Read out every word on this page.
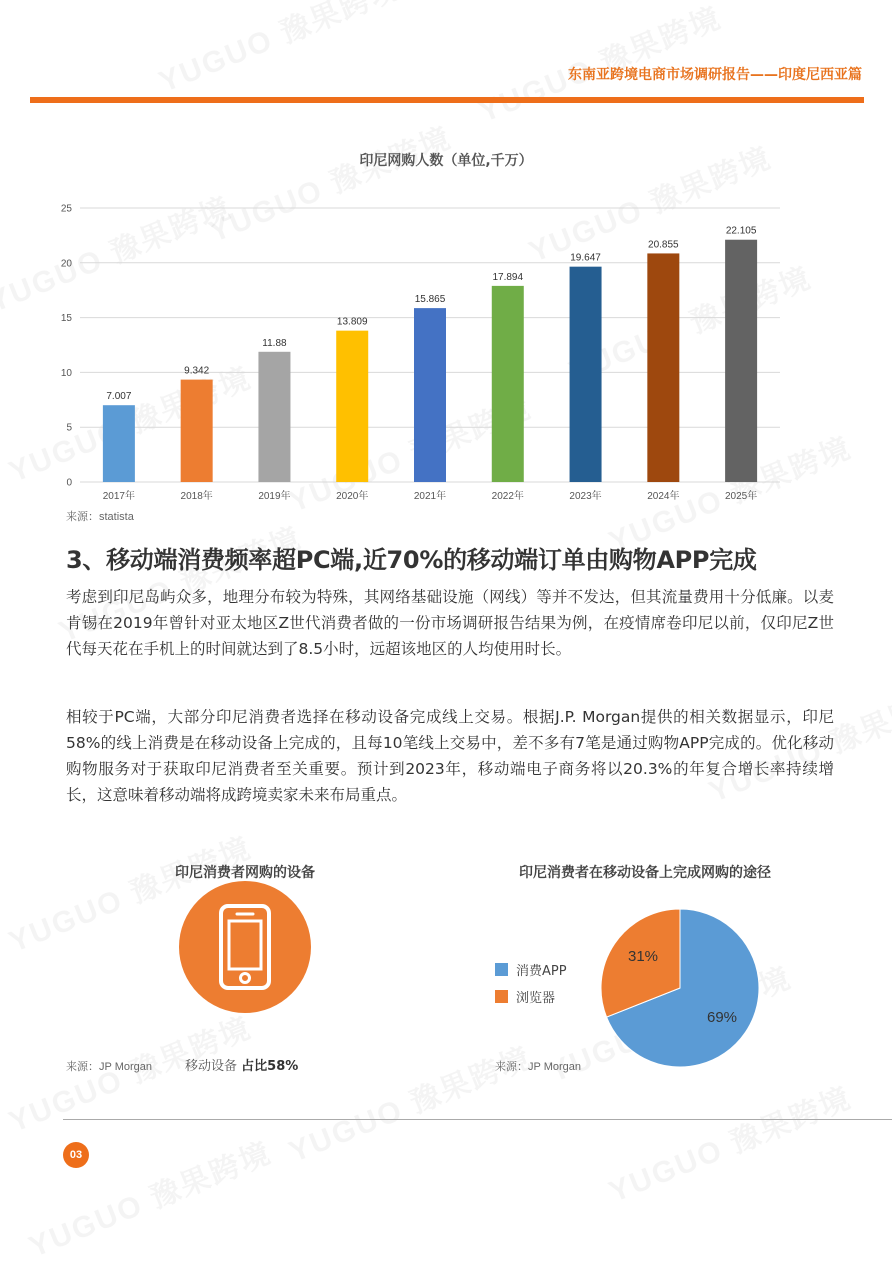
东南亚跨境电商市场调研报告——印度尼西亚篇
印尼网购人数（单位,千万）
0
5
10
15
20
25
7.007
2017年
9.342
2018年
11.88
2019年
13.809
2020年
15.865
2021年
17.894
2022年
19.647
2023年
20.855
2024年
22.105
2025年
来源：statista
3、移动端消费频率超PC端,近70%的移动端订单由购物APP完成

考虑到印尼岛屿众多，地理分布较为特殊，其网络基础设施（网线）等并不发达，但其流量费用十分低廉。以麦肯锡在2019年曾针对亚太地区Z世代消费者做的一份市场调研报告结果为例，在疫情席卷印尼以前，仅印尼Z世代每天花在手机上的时间就达到了8.5小时，远超该地区的人均使用时长。

相较于PC端，大部分印尼消费者选择在移动设备完成线上交易。根据J.P. Morgan提供的相关数据显示，印尼58%的线上消费是在移动设备上完成的，且每10笔线上交易中，差不多有7笔是通过购物APP完成的。优化移动购物服务对于获取印尼消费者至关重要。预计到2023年，移动端电子商务将以20.3%的年复合增长率持续增长，这意味着移动端将成跨境卖家未来布局重点。

印尼消费者网购的设备
来源：JP Morgan	移动设备 占比58%
印尼消费者在移动设备上完成网购的途径
消费APP
浏览器
69%
31%
来源：JP Morgan
03
